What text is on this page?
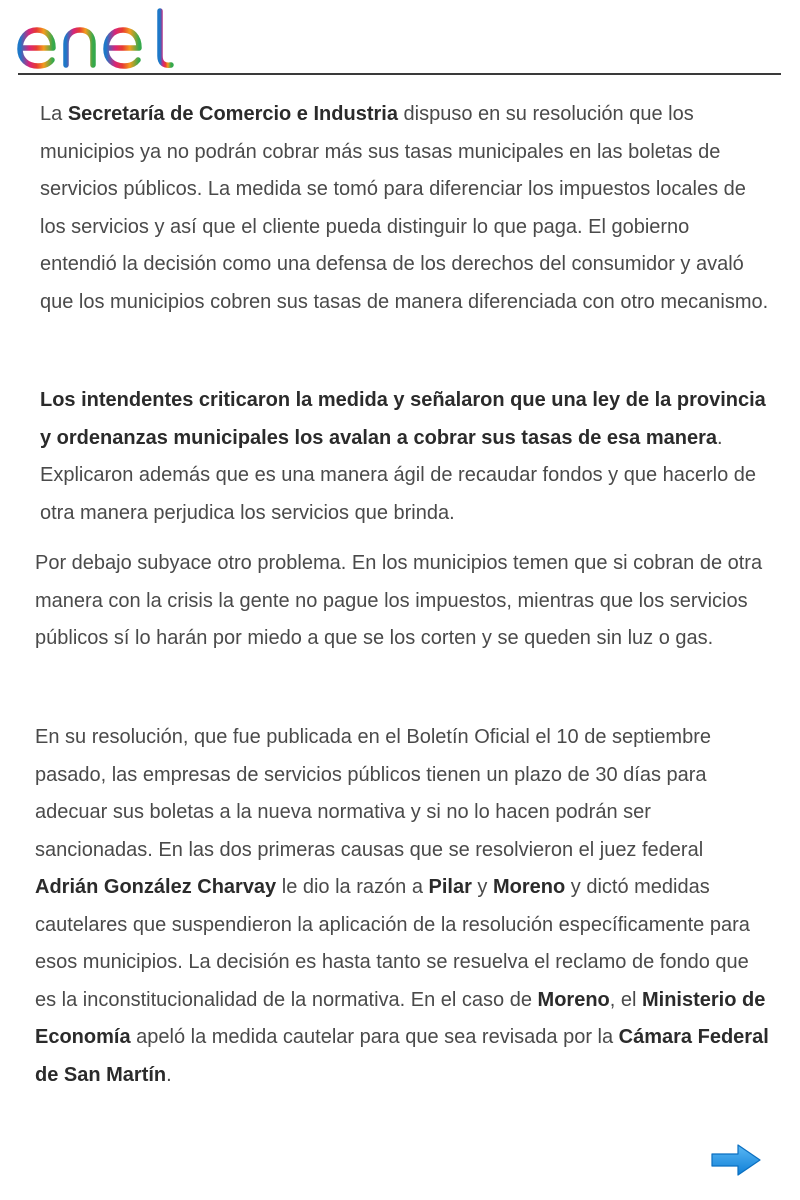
La Secretaría de Comercio e Industria dispuso en su resolución que los municipios ya no podrán cobrar más sus tasas municipales en las boletas de servicios públicos. La medida se tomó para diferenciar los impuestos locales de los servicios y así que el cliente pueda distinguir lo que paga. El gobierno entendió la decisión como una defensa de los derechos del consumidor y avaló que los municipios cobren sus tasas de manera diferenciada con otro mecanismo.

Los intendentes criticaron la medida y señalaron que una ley de la provincia y ordenanzas municipales los avalan a cobrar sus tasas de esa manera. Explicaron además que es una manera ágil de recaudar fondos y que hacerlo de otra manera perjudica los servicios que brinda.

Por debajo subyace otro problema. En los municipios temen que si cobran de otra manera con la crisis la gente no pague los impuestos, mientras que los servicios públicos sí lo harán por miedo a que se los corten y se queden sin luz o gas.

En su resolución, que fue publicada en el Boletín Oficial el 10 de septiembre pasado, las empresas de servicios públicos tienen un plazo de 30 días para adecuar sus boletas a la nueva normativa y si no lo hacen podrán ser sancionadas. En las dos primeras causas que se resolvieron el juez federal Adrián González Charvay le dio la razón a Pilar y Moreno y dictó medidas cautelares que suspendieron la aplicación de la resolución específicamente para esos municipios. La decisión es hasta tanto se resuelva el reclamo de fondo que es la inconstitucionalidad de la normativa. En el caso de Moreno, el Ministerio de Economía apeló la medida cautelar para que sea revisada por la Cámara Federal de San Martín.
